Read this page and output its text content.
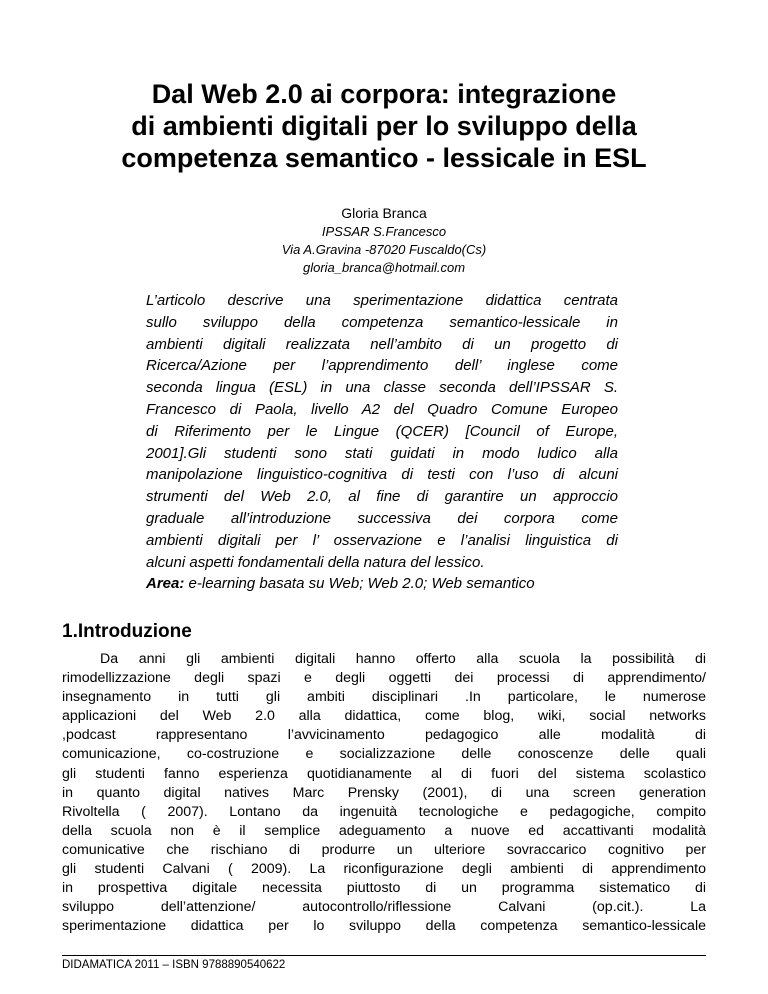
Dal Web 2.0 ai corpora: integrazione
di ambienti digitali per lo sviluppo della
competenza semantico - lessicale in ESL
Gloria Branca
IPSSAR S.Francesco
Via A.Gravina -87020 Fuscaldo(Cs)
gloria_branca@hotmail.com
L’articolo descrive una sperimentazione didattica centrata
sullo sviluppo della competenza semantico-lessicale in
ambienti digitali realizzata nell’ambito di un progetto di
Ricerca/Azione per l’apprendimento dell’ inglese come
seconda lingua (ESL) in una classe seconda dell’IPSSAR S.
Francesco di Paola, livello A2 del Quadro Comune Europeo
di Riferimento per le Lingue (QCER) [Council of Europe,
2001].Gli studenti sono stati guidati in modo ludico alla
manipolazione linguistico-cognitiva di testi con l’uso di alcuni
strumenti del Web 2.0, al fine di garantire un approccio
graduale all’introduzione successiva dei corpora come
ambienti digitali per l’ osservazione e l’analisi linguistica di
alcuni aspetti fondamentali della natura del lessico.
Area: e-learning basata su Web; Web 2.0; Web semantico
1.Introduzione
Da anni gli ambienti digitali hanno offerto alla scuola la possibilità di
rimodellizzazione degli spazi e degli oggetti dei processi di apprendimento/
insegnamento in tutti gli ambiti disciplinari .In particolare, le numerose
applicazioni del Web 2.0 alla didattica, come blog, wiki, social networks
,podcast rappresentano l’avvicinamento pedagogico alle modalità di
comunicazione, co-costruzione e socializzazione delle conoscenze delle quali
gli studenti fanno esperienza quotidianamente al di fuori del sistema scolastico
in quanto digital natives Marc Prensky (2001), di una screen generation
Rivoltella ( 2007). Lontano da ingenuità tecnologiche e pedagogiche, compito
della scuola non è il semplice adeguamento a nuove ed accattivanti modalità
comunicative che rischiano di produrre un ulteriore sovraccarico cognitivo per
gli studenti Calvani ( 2009). La riconfigurazione degli ambienti di apprendimento
in prospettiva digitale necessita piuttosto di un programma sistematico di
sviluppo dell’attenzione/ autocontrollo/riflessione Calvani (op.cit.). La
sperimentazione didattica per lo sviluppo della competenza semantico-lessicale
DIDAMATICA 2011 – ISBN 9788890540622
